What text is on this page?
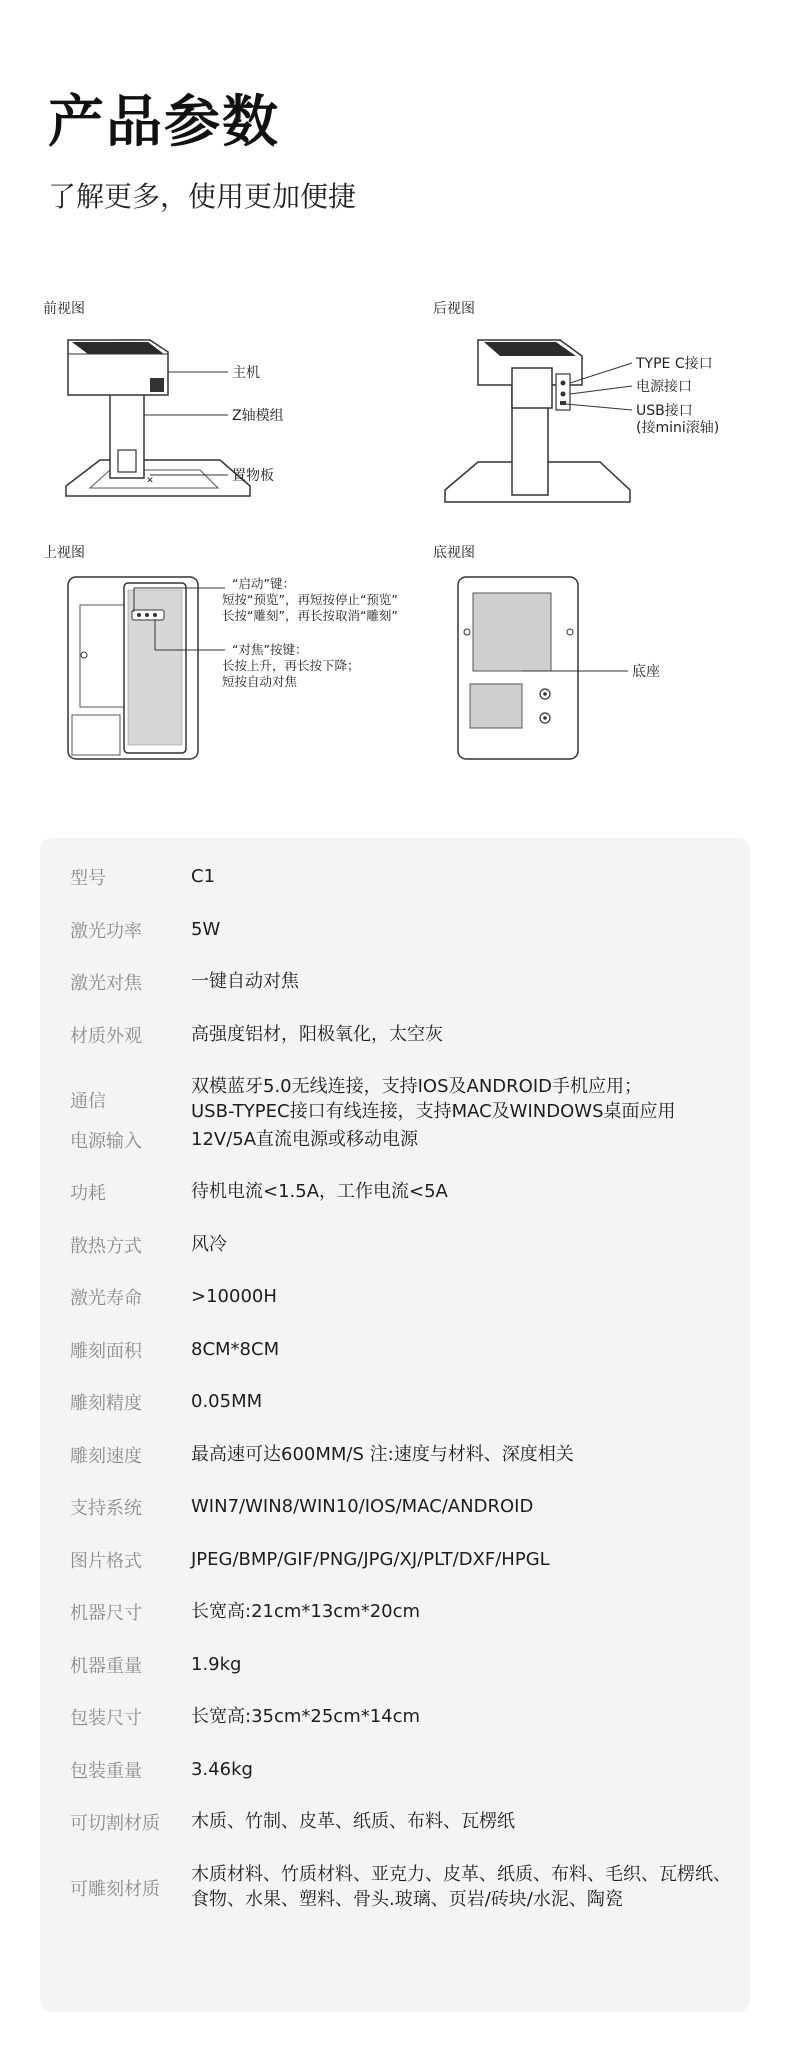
产品参数
了解更多，使用更加便捷
前视图
✕
主机
Z轴模组
置物板
后视图
TYPE C接口
电源接口
USB接口
(接mini滚轴)
上视图
“启动”键：
短按“预览”，再短按停止“预览”
长按“雕刻”，再长按取消“雕刻”
“对焦”按键：
长按上升，再长按下降；
短按自动对焦
底视图
底座
型号	C1
激光功率	5W
激光对焦	一键自动对焦
材质外观	高强度铝材，阳极氧化，太空灰
通信
双模蓝牙5.0无线连接，支持IOS及ANDROID手机应用；
USB-TYPEC接口有线连接，支持MAC及WINDOWS桌面应用
电源输入	12V/5A直流电源或移动电源
功耗	待机电流<1.5A，工作电流<5A
散热方式	风冷
激光寿命	>10000H
雕刻面积	8CM*8CM
雕刻精度	0.05MM
雕刻速度	最高速可达600MM/S 注:速度与材料、深度相关
支持系统	WIN7/WIN8/WIN10/IOS/MAC/ANDROID
图片格式	JPEG/BMP/GIF/PNG/JPG/XJ/PLT/DXF/HPGL
机器尺寸	长宽高:21cm*13cm*20cm
机器重量	1.9kg
包装尺寸	长宽高:35cm*25cm*14cm
包装重量	3.46kg
可切割材质	木质、竹制、皮革、纸质、布料、瓦楞纸
可雕刻材质
木质材料、竹质材料、亚克力、皮革、纸质、布料、毛织、瓦楞纸、
食物、水果、塑料、骨头.玻璃、页岩/砖块/水泥、陶瓷
